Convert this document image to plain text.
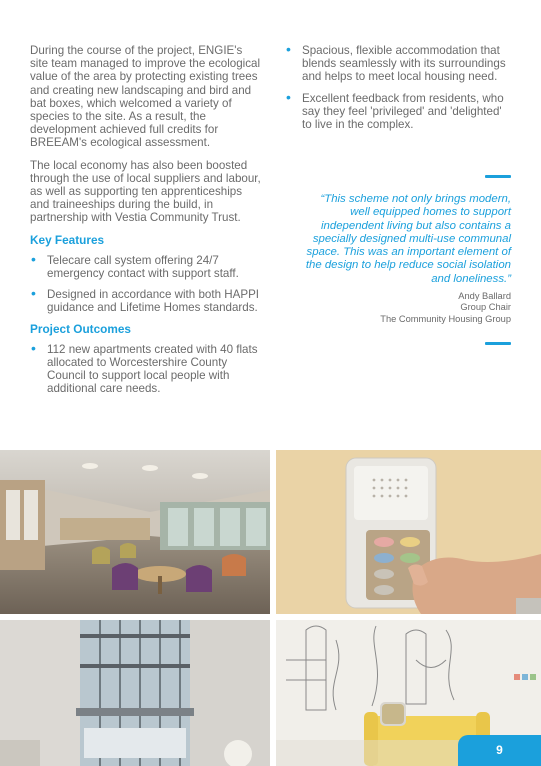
During the course of the project, ENGIE's site team managed to improve the ecological value of the area by protecting existing trees and creating new landscaping and bird and bat boxes, which welcomed a variety of species to the site. As a result, the development achieved full credits for BREEAM's ecological assessment.

The local economy has also been boosted through the use of local suppliers and labour, as well as supporting ten apprenticeships and traineeships during the build, in partnership with Vestia Community Trust.

Key Features
• Telecare call system offering 24/7 emergency contact with support staff.
• Designed in accordance with both HAPPI guidance and Lifetime Homes standards.
Project Outcomes
• 112 new apartments created with 40 flats allocated to Worcestershire County Council to support local people with additional care needs.
• Spacious, flexible accommodation that blends seamlessly with its surroundings and helps to meet local housing need.
• Excellent feedback from residents, who say they feel 'privileged' and 'delighted' to live in the complex.
“This scheme not only brings modern, well equipped homes to support independent living but also contains a specially designed multi-use communal space. This was an important element of the design to help reduce social isolation and loneliness.”
Andy Ballard
Group Chair
The Community Housing Group
9
